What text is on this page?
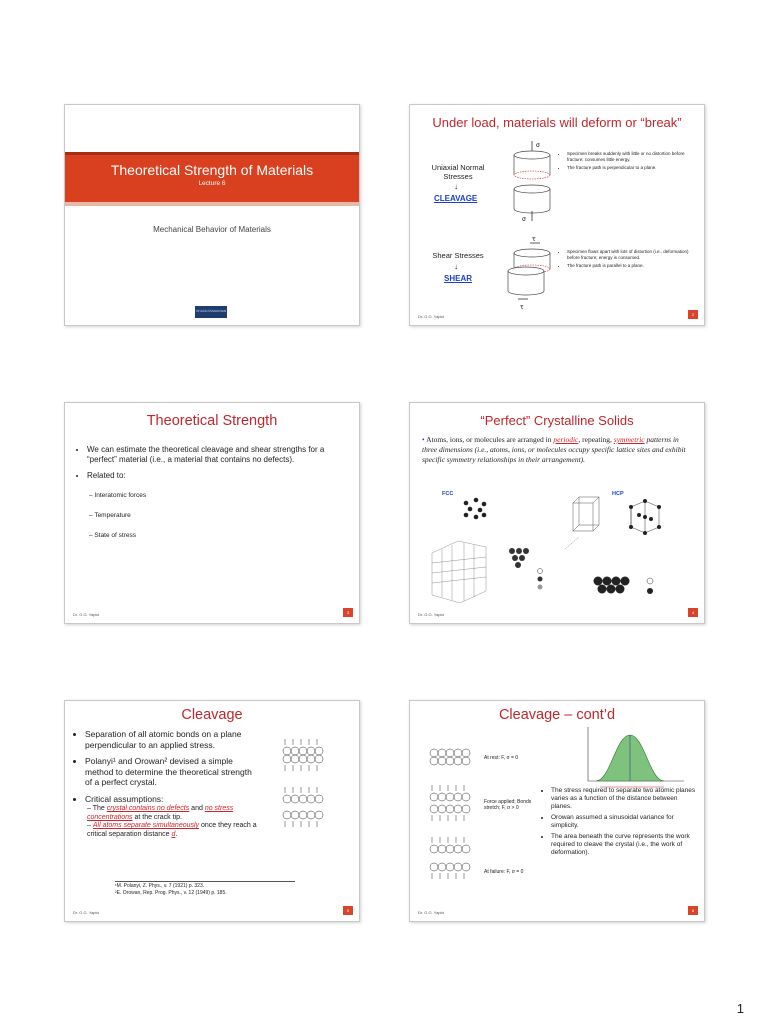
Theoretical Strength of Materials
Lecture 6
Mechanical Behavior of Materials
ÖZYEĞİN ÜNİVERSİTESİ
Under load, materials will deform or “break”
Uniaxial Normal Stresses
↓
CLEAVAGE
σ
σ
• Specimen breaks suddenly with little or no distortion before fracture; consumes little energy.
• The fracture path is perpendicular to a plane.
Shear Stresses
↓
SHEAR
τ
τ
• Specimen flows apart with lots of distortion (i.e., deformation) before fracture; energy is consumed.
• The fracture path is parallel to a plane.
Dr. G.G. Yapici	2
Theoretical Strength
• We can estimate the theoretical cleavage and shear strengths for a “perfect” material (i.e., a material that contains no defects).
• Related to:
– Interatomic forces
– Temperature
– State of stress
Dr. G.G. Yapici	3
“Perfect” Crystalline Solids
• Atoms, ions, or molecules are arranged in periodic, repeating, symmetric patterns in three dimensions (i.e., atoms, ions, or molecules occupy specific lattice sites and exhibit specific symmetry relationships in their arrangement).
FCC	HCP
Dr. G.G. Yapici	4
Cleavage
• Separation of all atomic bonds on a plane perpendicular to an applied stress.
• Polanyi¹ and Orowan² devised a simple method to determine the theoretical strength of a perfect crystal.
• Critical assumptions:
– The crystal contains no defects and no stress concentrations at the crack tip.
– All atoms separate simultaneously once they reach a critical separation distance d.
¹M. Polanyi, Z. Phys., v. 7 (1921) p. 323.
²E. Orowan, Rep. Prog. Phys., v. 12 (1949) p. 185.
Dr. G.G. Yapici	5
Cleavage – cont’d
At rest: F, σ = 0
Force applied; Bonds stretch; F, σ > 0
At failure: F, σ = 0
• The stress required to separate two atomic planes varies as a function of the distance between planes.
• Orowan assumed a sinusoidal variance for simplicity.
• The area beneath the curve represents the work required to cleave the crystal (i.e., the work of deformation).
Dr. G.G. Yapici	6
1
